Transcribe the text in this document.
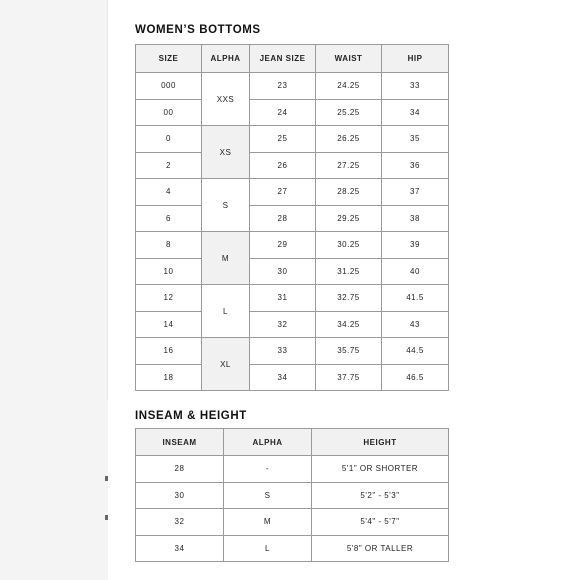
WOMEN’S BOTTOMS
SIZE	ALPHA	JEAN SIZE	WAIST	HIP
000	XXS	23	24.25	33
00		24	25.25	34
0	XS	25	26.25	35
2		26	27.25	36
4	S	27	28.25	37
6		28	29.25	38
8	M	29	30.25	39
10		30	31.25	40
12	L	31	32.75	41.5
14		32	34.25	43
16	XL	33	35.75	44.5
18		34	37.75	46.5
INSEAM & HEIGHT
INSEAM	ALPHA	HEIGHT
28	-	5'1" OR SHORTER
30	S	5'2" - 5'3"
32	M	5'4" - 5'7"
34	L	5'8" OR TALLER
